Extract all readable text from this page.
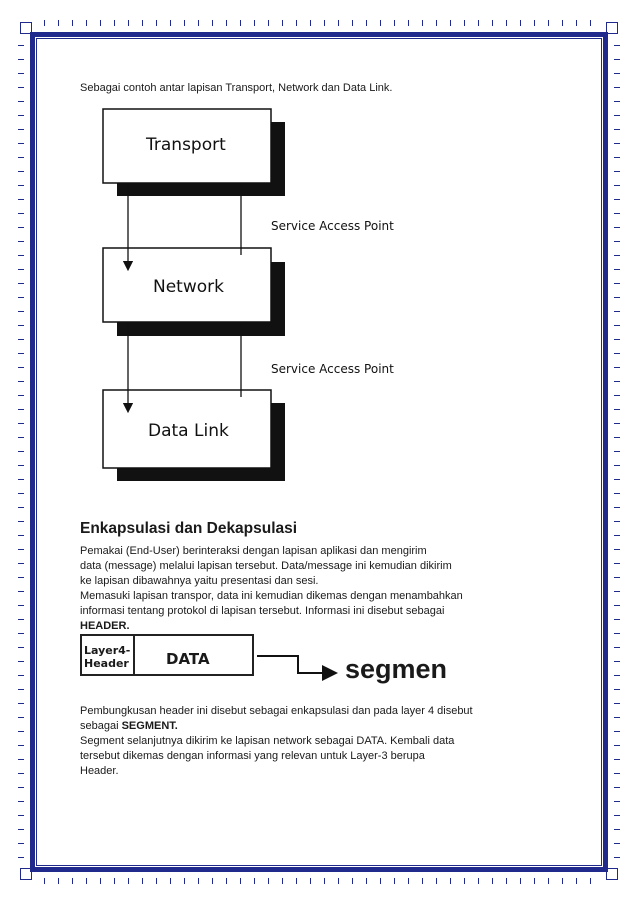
Sebagai contoh antar lapisan Transport, Network dan Data Link.
Transport
Network
Data Link
Service Access Point
Service Access Point
Enkapsulasi dan Dekapsulasi
Pemakai (End-User) berinteraksi dengan lapisan aplikasi dan mengirim
data (message) melalui lapisan tersebut. Data/message ini kemudian dikirim
ke lapisan dibawahnya yaitu presentasi dan sesi.
Memasuki lapisan transpor, data ini kemudian dikemas dengan menambahkan
informasi tentang protokol di lapisan tersebut. Informasi ini disebut sebagai
HEADER.
Layer4-
Header DATA	segmen
Pembungkusan header ini disebut sebagai enkapsulasi dan pada layer 4 disebut
sebagai SEGMENT.
Segment selanjutnya dikirim ke lapisan network sebagai DATA. Kembali data
tersebut dikemas dengan informasi yang relevan untuk Layer-3 berupa
Header.
